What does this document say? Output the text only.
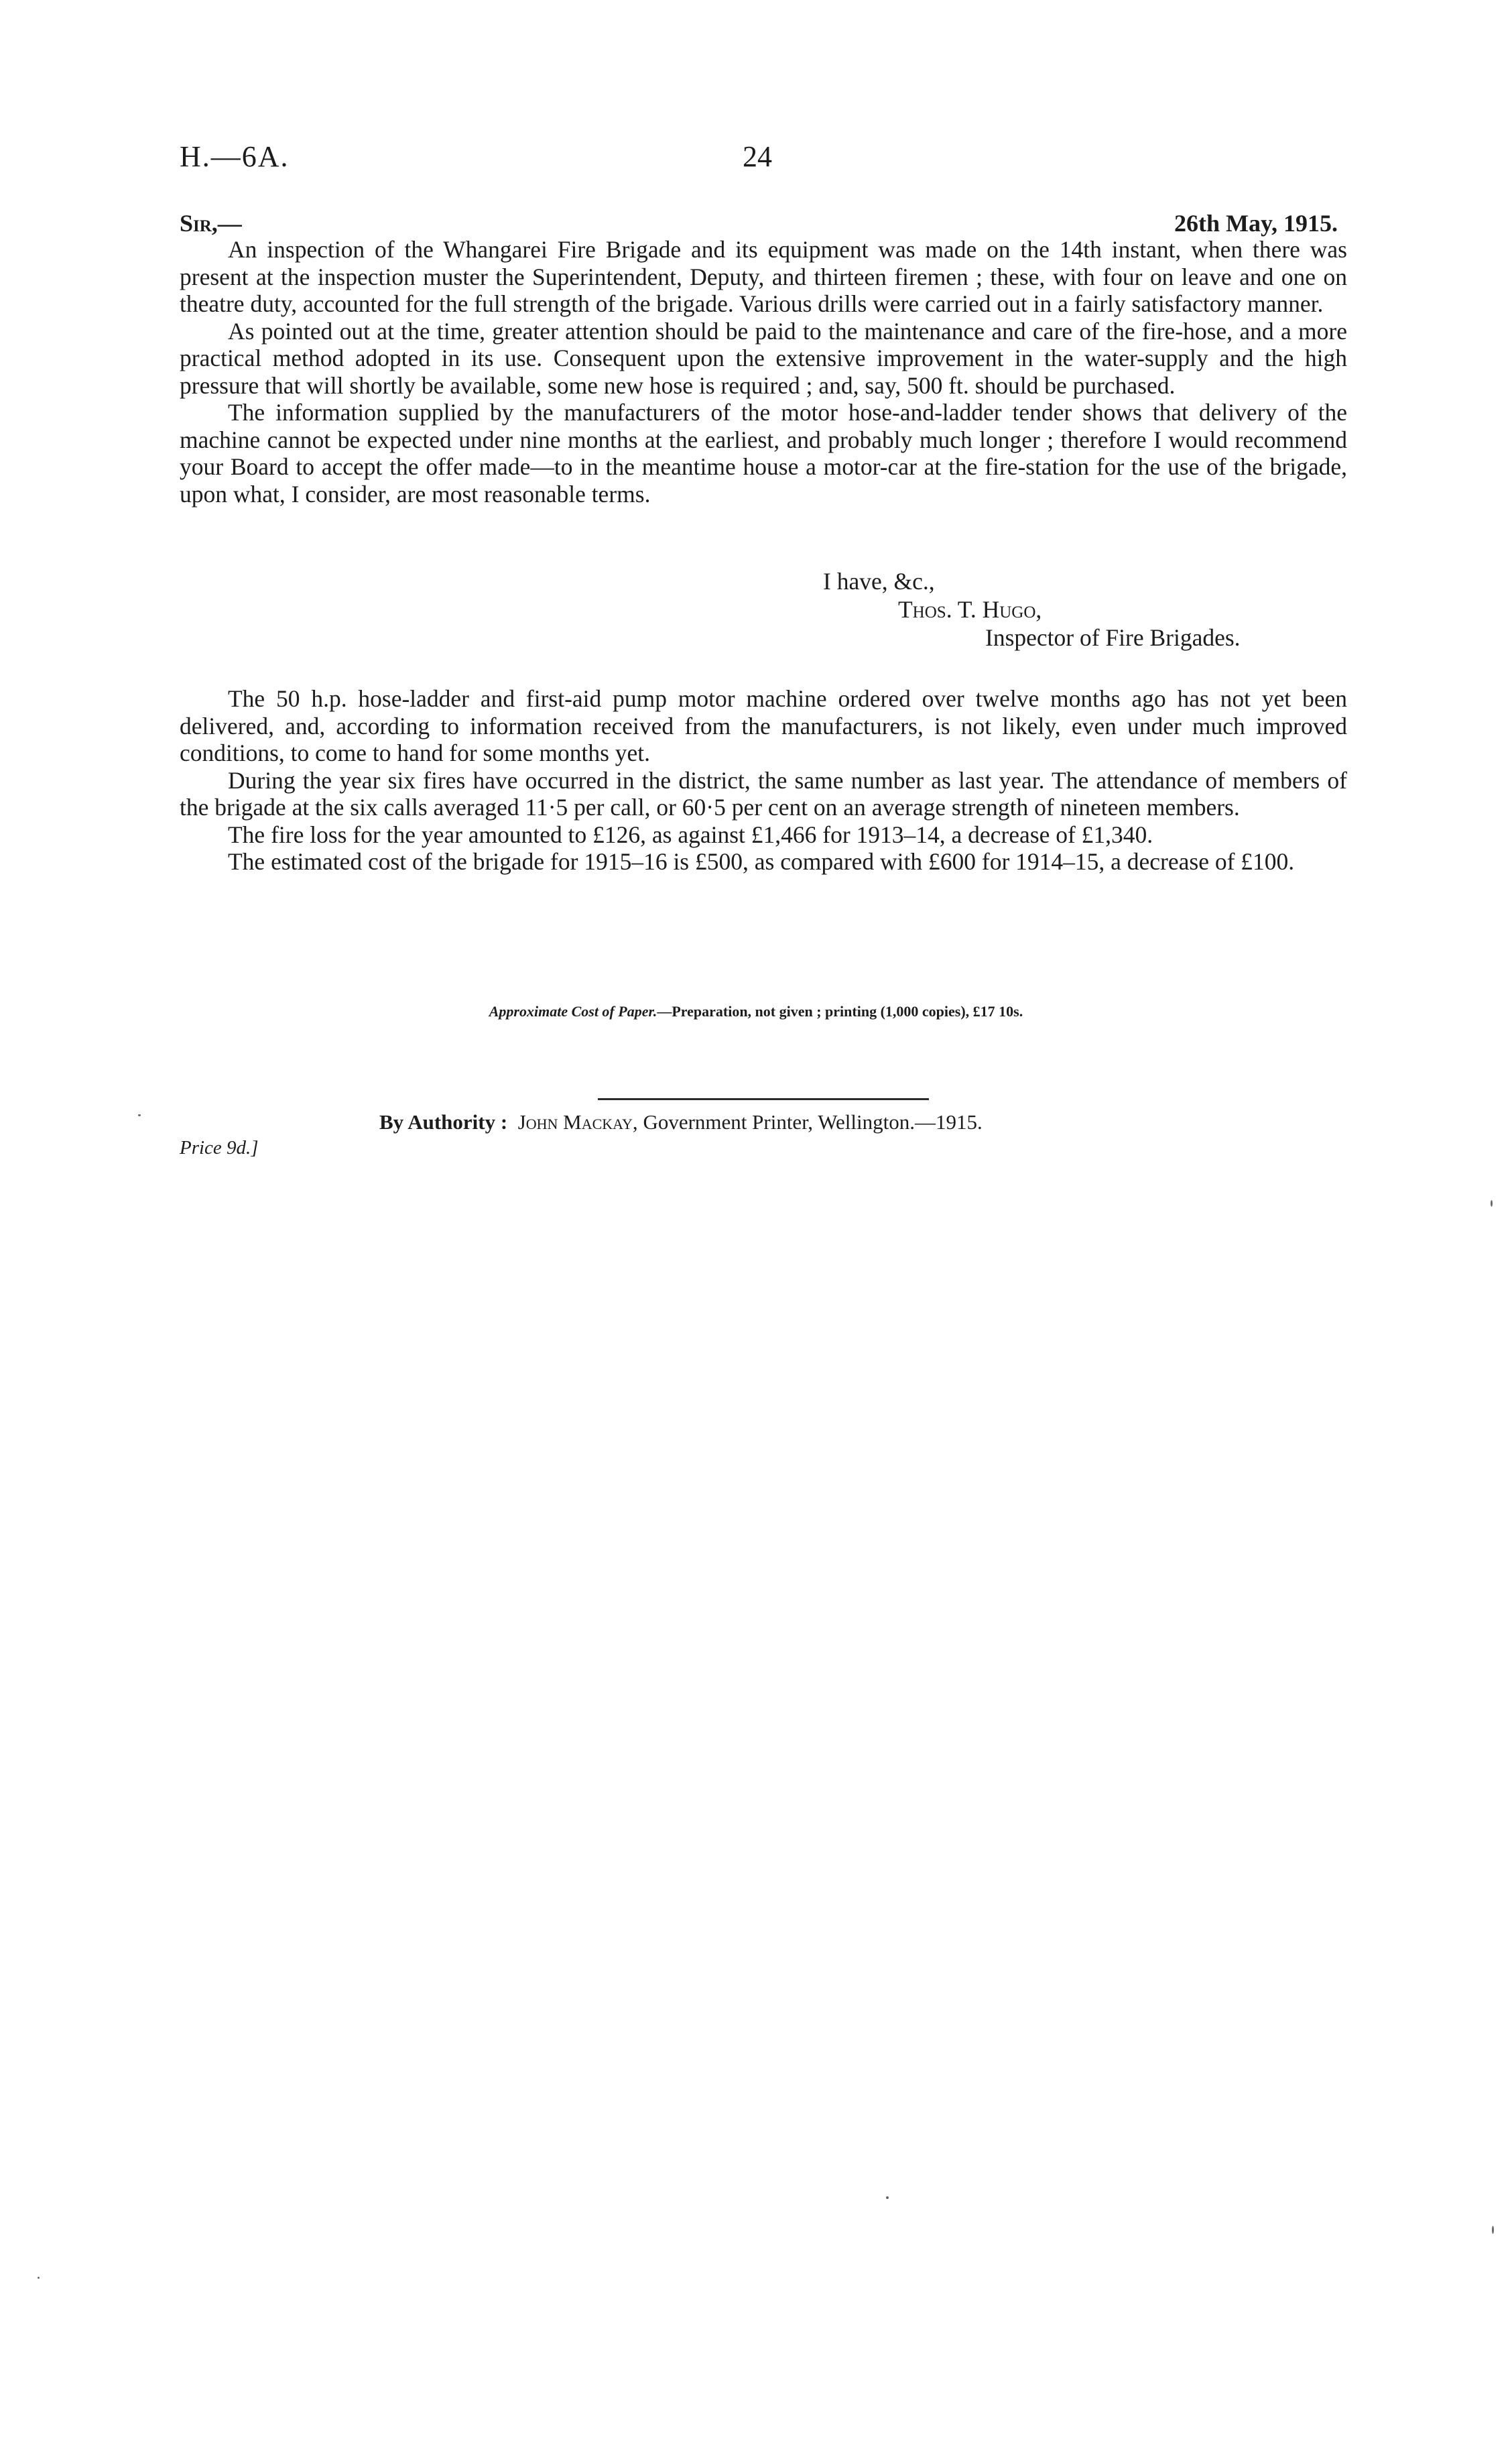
H.—6A.	24
Sir,—	26th May, 1915.

An inspection of the Whangarei Fire Brigade and its equipment was made on the 14th instant, when there was present at the inspection muster the Superintendent, Deputy, and thirteen firemen ; these, with four on leave and one on theatre duty, accounted for the full strength of the brigade. Various drills were carried out in a fairly satisfactory manner.

As pointed out at the time, greater attention should be paid to the maintenance and care of the fire-hose, and a more practical method adopted in its use. Consequent upon the extensive improvement in the water-supply and the high pressure that will shortly be available, some new hose is required ; and, say, 500 ft. should be purchased.

The information supplied by the manufacturers of the motor hose-and-ladder tender shows that delivery of the machine cannot be expected under nine months at the earliest, and probably much longer ; therefore I would recommend your Board to accept the offer made—to in the meantime house a motor-car at the fire-station for the use of the brigade, upon what, I consider, are most reasonable terms.

I have, &c.,
Thos. T. Hugo,
Inspector of Fire Brigades.

The 50 h.p. hose-ladder and first-aid pump motor machine ordered over twelve months ago has not yet been delivered, and, according to information received from the manufacturers, is not likely, even under much improved conditions, to come to hand for some months yet.

During the year six fires have occurred in the district, the same number as last year. The attendance of members of the brigade at the six calls averaged 11·5 per call, or 60·5 per cent on an average strength of nineteen members.

The fire loss for the year amounted to £126, as against £1,466 for 1913–14, a decrease of £1,340.

The estimated cost of the brigade for 1915–16 is £500, as compared with £600 for 1914–15, a decrease of £100.

Approximate Cost of Paper.—Preparation, not given ; printing (1,000 copies), £17 10s.
By Authority : John Mackay, Government Printer, Wellington.—1915.
Price 9d.]
